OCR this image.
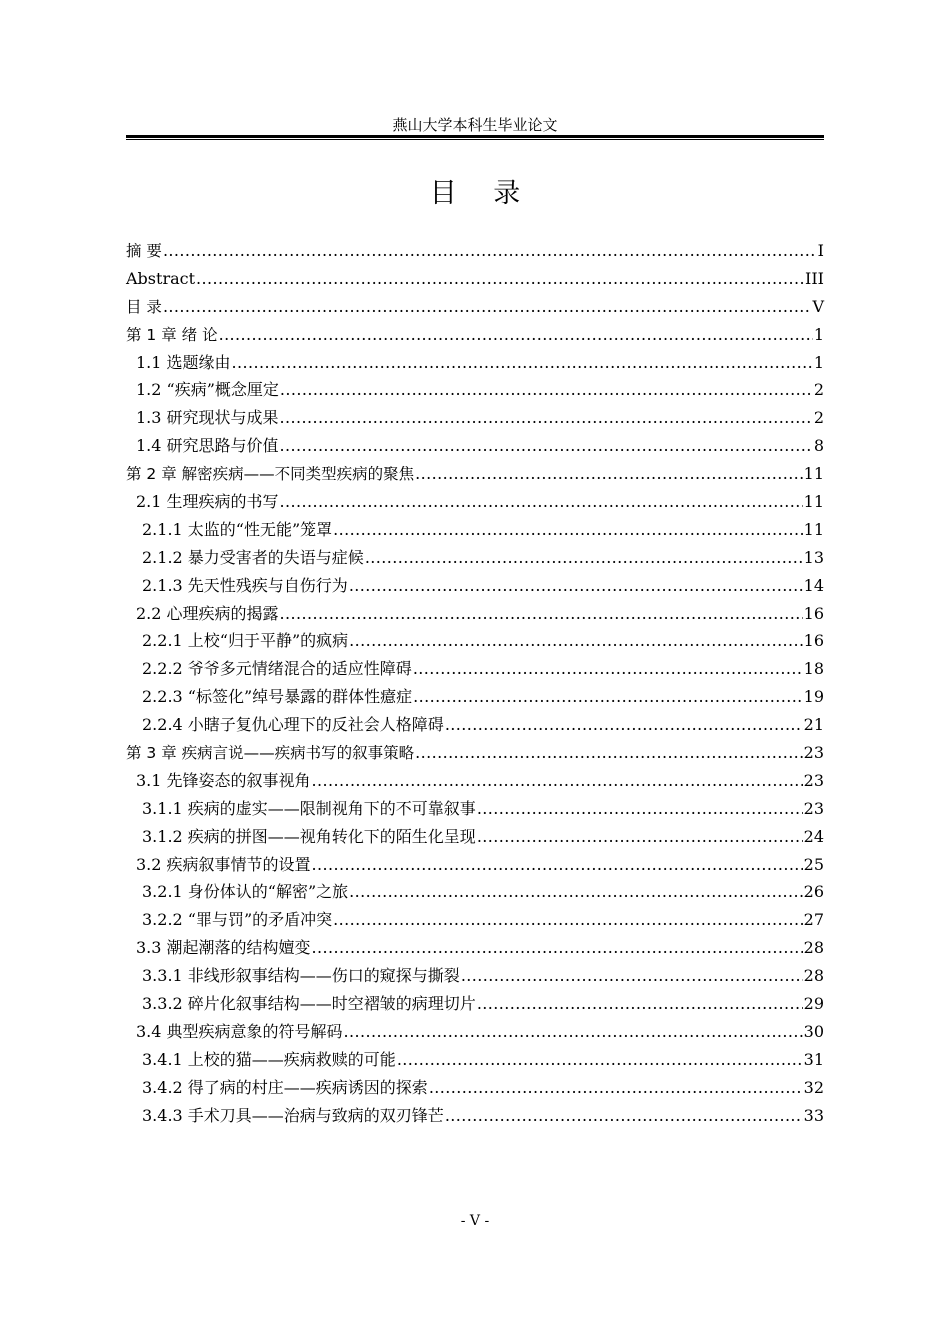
燕山大学本科生毕业论文
目 录
摘 要 .....	I
Abstract .....	III
目 录 .....	V
第 1 章 绪 论 .....	1
1.1 选题缘由 .....	1
1.2 “疾病”概念厘定 .....	2
1.3 研究现状与成果 .....	2
1.4 研究思路与价值 .....	8
第 2 章 解密疾病——不同类型疾病的聚焦 .....	11
2.1 生理疾病的书写 .....	11
2.1.1 太监的“性无能”笼罩 .....	11
2.1.2 暴力受害者的失语与症候 .....	13
2.1.3 先天性残疾与自伤行为 .....	14
2.2 心理疾病的揭露 .....	16
2.2.1 上校“归于平静”的疯病 .....	16
2.2.2 爷爷多元情绪混合的适应性障碍 .....	18
2.2.3 “标签化”绰号暴露的群体性癔症 .....	19
2.2.4 小瞎子复仇心理下的反社会人格障碍 .....	21
第 3 章 疾病言说——疾病书写的叙事策略 .....	23
3.1 先锋姿态的叙事视角 .....	23
3.1.1 疾病的虚实——限制视角下的不可靠叙事 .....	23
3.1.2 疾病的拼图——视角转化下的陌生化呈现 .....	24
3.2 疾病叙事情节的设置 .....	25
3.2.1 身份体认的“解密”之旅 .....	26
3.2.2 “罪与罚”的矛盾冲突 .....	27
3.3 潮起潮落的结构嬗变 .....	28
3.3.1 非线形叙事结构——伤口的窥探与撕裂 .....	28
3.3.2 碎片化叙事结构——时空褶皱的病理切片 .....	29
3.4 典型疾病意象的符号解码 .....	30
3.4.1 上校的猫——疾病救赎的可能 .....	31
3.4.2 得了病的村庄——疾病诱因的探索 .....	32
3.4.3 手术刀具——治病与致病的双刃锋芒 .....	33
- V -
